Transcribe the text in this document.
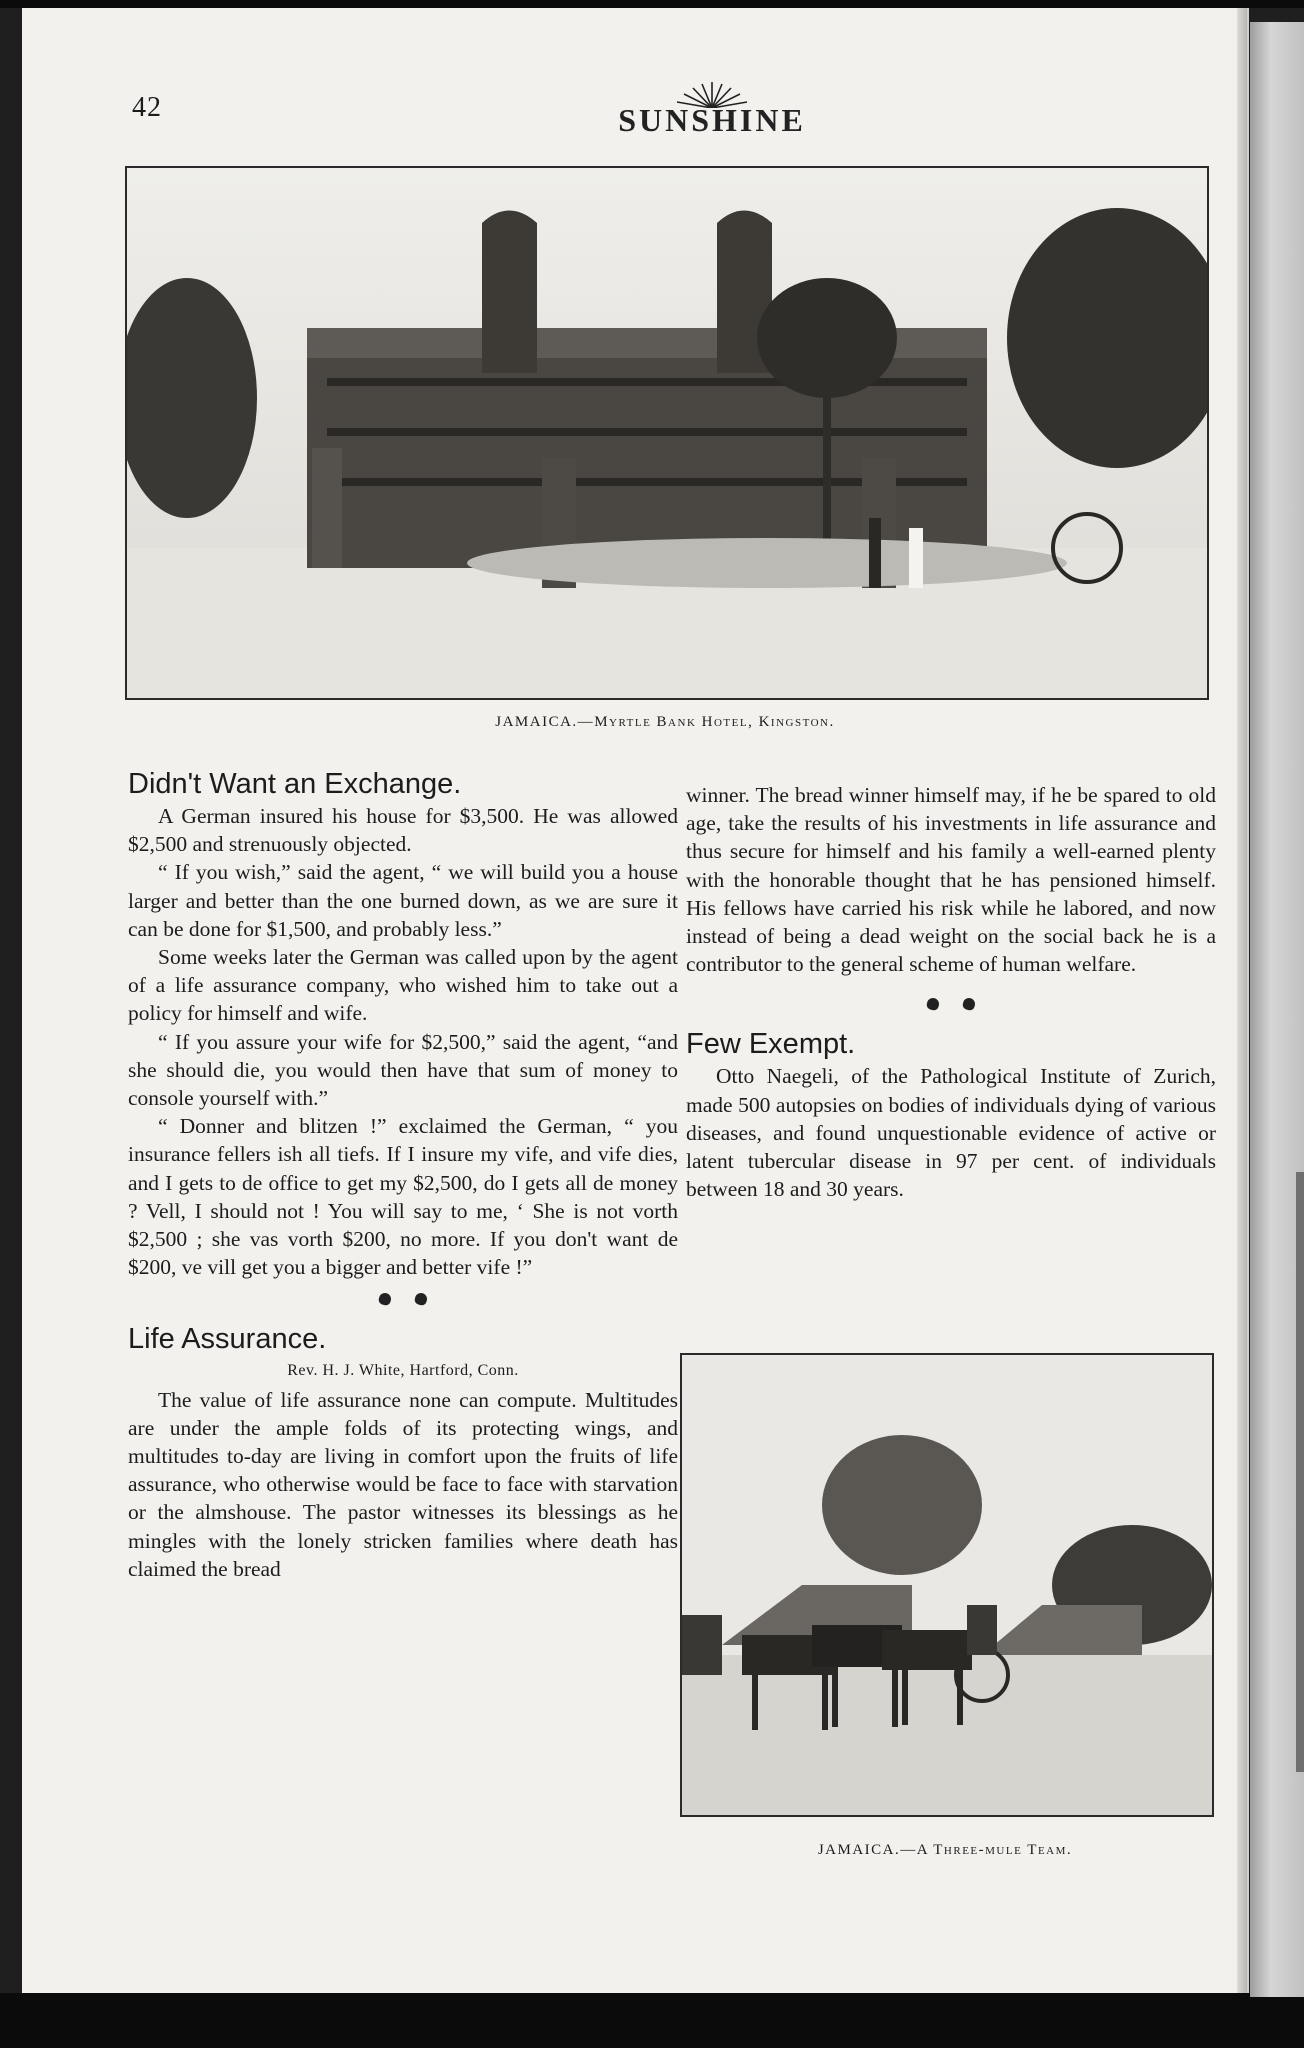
42	SUNSHINE
JAMAICA.—Myrtle Bank Hotel, Kingston.
Didn't Want an Exchange.

A German insured his house for $3,500. He was allowed $2,500 and strenuously objected.

“ If you wish,” said the agent, “ we will build you a house larger and better than the one burned down, as we are sure it can be done for $1,500, and probably less.”

Some weeks later the German was called upon by the agent of a life assurance company, who wished him to take out a policy for himself and wife.

“ If you assure your wife for $2,500,” said the agent, “and she should die, you would then have that sum of money to console yourself with.”

“ Donner and blitzen !” exclaimed the German, “ you insurance fellers ish all tiefs. If I insure my vife, and vife dies, and I gets to de office to get my $2,500, do I gets all de money ? Vell, I should not ! You will say to me, ‘ She is not vorth $2,500 ; she vas vorth $200, no more. If you don't want de $200, ve vill get you a bigger and better vife !”

Life Assurance.

Rev. H. J. White, Hartford, Conn.

The value of life assurance none can compute. Multitudes are under the ample folds of its protecting wings, and multitudes to-day are living in comfort upon the fruits of life assurance, who otherwise would be face to face with starvation or the almshouse. The pastor witnesses its blessings as he mingles with the lonely stricken families where death has claimed the bread

winner. The bread winner himself may, if he be spared to old age, take the results of his investments in life assurance and thus secure for himself and his family a well-earned plenty with the honorable thought that he has pensioned himself. His fellows have carried his risk while he labored, and now instead of being a dead weight on the social back he is a contributor to the general scheme of human welfare.

Few Exempt.

Otto Naegeli, of the Pathological Institute of Zurich, made 500 autopsies on bodies of individuals dying of various diseases, and found unquestionable evidence of active or latent tubercular disease in 97 per cent. of individuals between 18 and 30 years.

JAMAICA.—A Three-mule Team.
